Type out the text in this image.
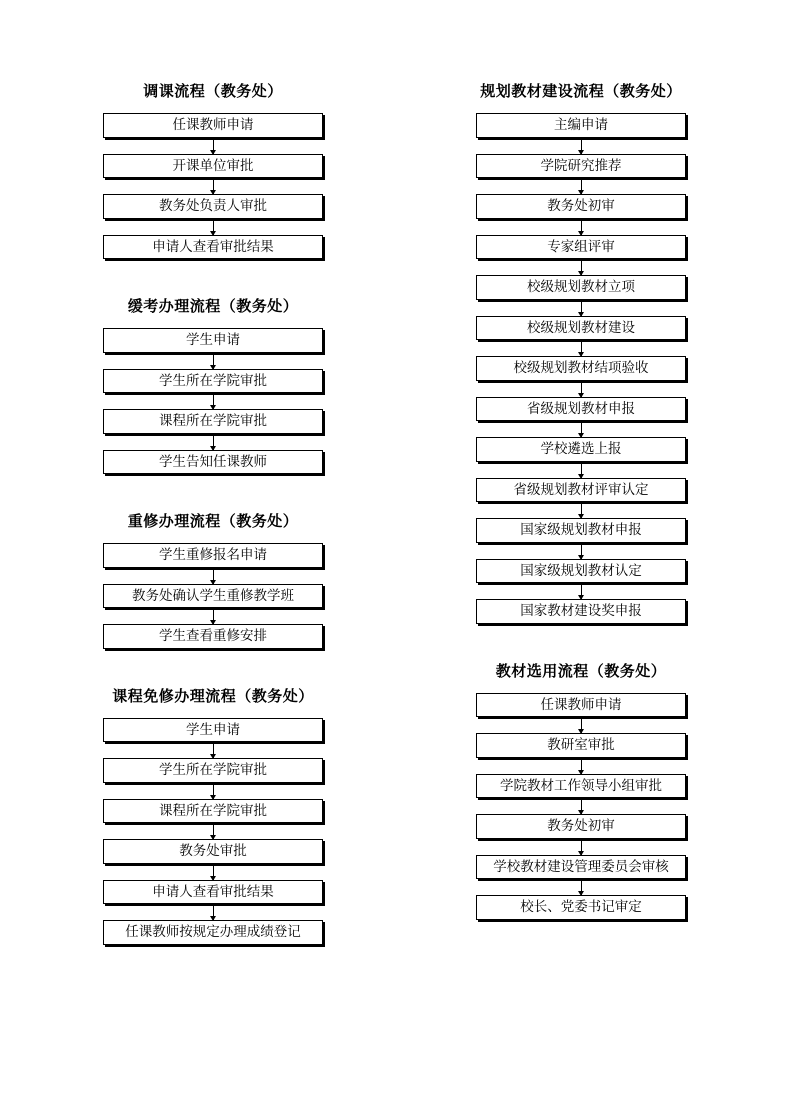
调课流程（教务处）
任课教师申请
开课单位审批
教务处负责人审批
申请人查看审批结果
缓考办理流程（教务处）
学生申请
学生所在学院审批
课程所在学院审批
学生告知任课教师
重修办理流程（教务处）
学生重修报名申请
教务处确认学生重修教学班
学生查看重修安排
课程免修办理流程（教务处）
学生申请
学生所在学院审批
课程所在学院审批
教务处审批
申请人查看审批结果
任课教师按规定办理成绩登记
规划教材建设流程（教务处）
主编申请
学院研究推荐
教务处初审
专家组评审
校级规划教材立项
校级规划教材建设
校级规划教材结项验收
省级规划教材申报
学校遴选上报
省级规划教材评审认定
国家级规划教材申报
国家级规划教材认定
国家教材建设奖申报
教材选用流程（教务处）
任课教师申请
教研室审批
学院教材工作领导小组审批
教务处初审
学校教材建设管理委员会审核
校长、党委书记审定
